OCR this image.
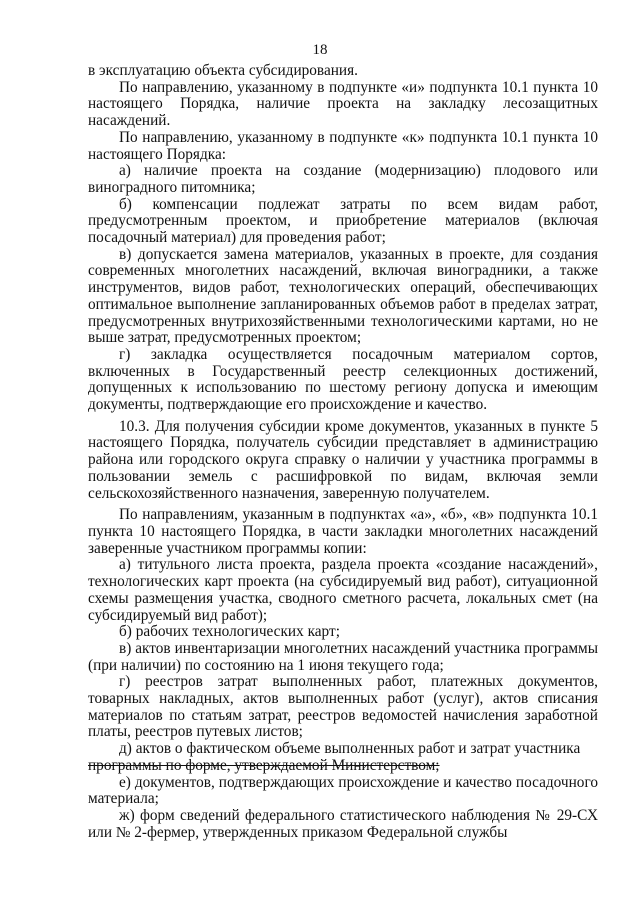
18

в эксплуатацию объекта субсидирования.

По направлению, указанному в подпункте «и» подпункта 10.1 пункта 10 настоящего Порядка, наличие проекта на закладку лесозащитных насаждений.

По направлению, указанному в подпункте «к» подпункта 10.1 пункта 10 настоящего Порядка:

а) наличие проекта на создание (модернизацию) плодового или виноградного питомника;

б) компенсации подлежат затраты по всем видам работ, предусмотренным проектом, и приобретение материалов (включая посадочный материал) для проведения работ;

в) допускается замена материалов, указанных в проекте, для создания современных многолетних насаждений, включая виноградники, а также инструментов, видов работ, технологических операций, обеспечивающих оптимальное выполнение запланированных объемов работ в пределах затрат, предусмотренных внутрихозяйственными технологическими картами, но не выше затрат, предусмотренных проектом;

г) закладка осуществляется посадочным материалом сортов, включенных в Государственный реестр селекционных достижений, допущенных к использованию по шестому региону допуска и имеющим документы, подтверждающие его происхождение и качество.

10.3. Для получения субсидии кроме документов, указанных в пункте 5 настоящего Порядка, получатель субсидии представляет в администрацию района или городского округа справку о наличии у участника программы в пользовании земель с расшифровкой по видам, включая земли сельскохозяйственного назначения, заверенную получателем.

По направлениям, указанным в подпунктах «а», «б», «в» подпункта 10.1 пункта 10 настоящего Порядка, в части закладки многолетних насаждений заверенные участником программы копии:

а) титульного листа проекта, раздела проекта «создание насаждений», технологических карт проекта (на субсидируемый вид работ), ситуационной схемы размещения участка, сводного сметного расчета, локальных смет (на субсидируемый вид работ);

б) рабочих технологических карт;

в) актов инвентаризации многолетних насаждений участника программы (при наличии) по состоянию на 1 июня текущего года;

г) реестров затрат выполненных работ, платежных документов, товарных накладных, актов выполненных работ (услуг), актов списания материалов по статьям затрат, реестров ведомостей начисления заработной платы, реестров путевых листов;

д) актов о фактическом объеме выполненных работ и затрат участника

программы по форме, утверждаемой Министерством;

е) документов, подтверждающих происхождение и качество посадочного материала;

ж) форм сведений федерального статистического наблюдения № 29-СХ или № 2-фермер, утвержденных приказом Федеральной службы
